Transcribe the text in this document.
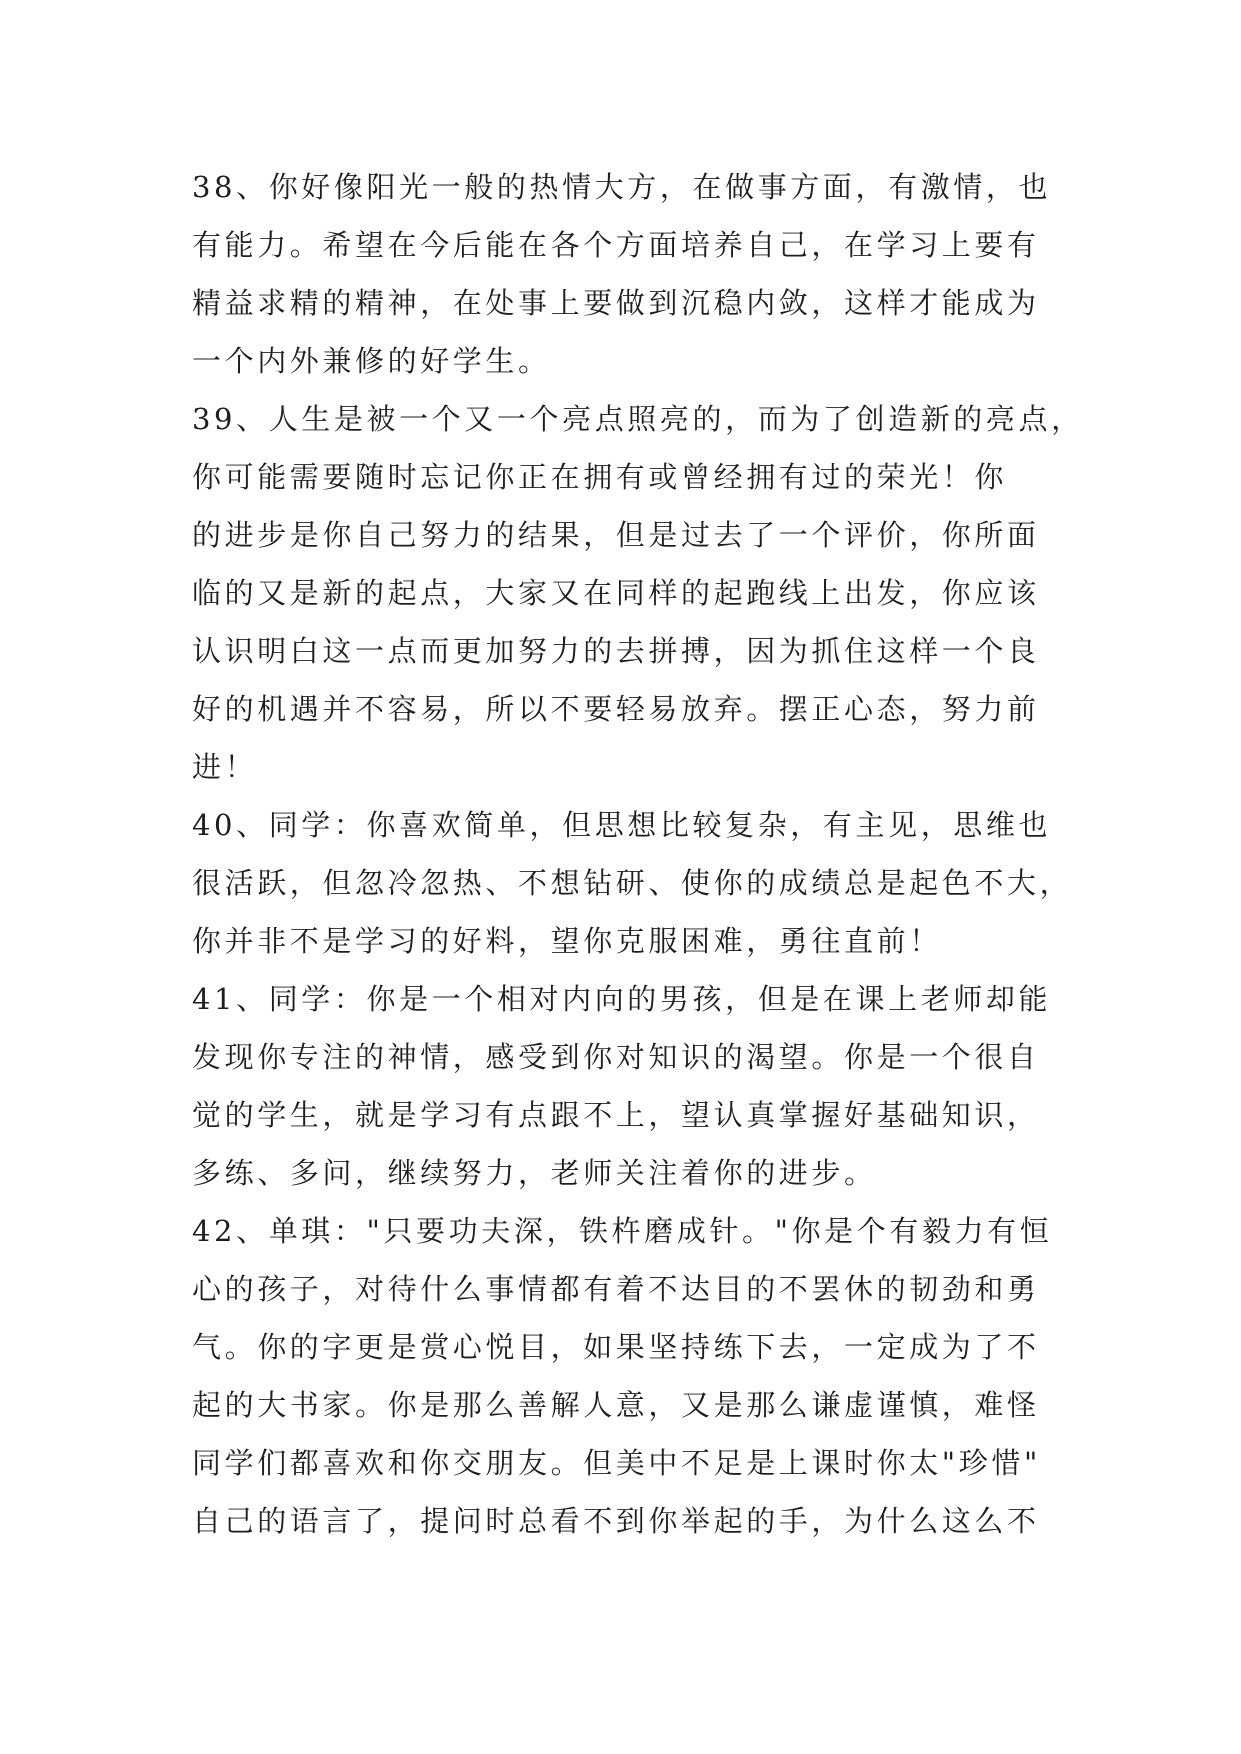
38、你好像阳光一般的热情大方，在做事方面，有激情，也
有能力。希望在今后能在各个方面培养自己，在学习上要有
精益求精的精神，在处事上要做到沉稳内敛，这样才能成为
一个内外兼修的好学生。
39、人生是被一个又一个亮点照亮的，而为了创造新的亮点，
你可能需要随时忘记你正在拥有或曾经拥有过的荣光！你
的进步是你自己努力的结果，但是过去了一个评价，你所面
临的又是新的起点，大家又在同样的起跑线上出发，你应该
认识明白这一点而更加努力的去拼搏，因为抓住这样一个良
好的机遇并不容易，所以不要轻易放弃。摆正心态，努力前
进！
40、同学：你喜欢简单，但思想比较复杂，有主见，思维也
很活跃，但忽冷忽热、不想钻研、使你的成绩总是起色不大，
你并非不是学习的好料，望你克服困难，勇往直前！
41、同学：你是一个相对内向的男孩，但是在课上老师却能
发现你专注的神情，感受到你对知识的渴望。你是一个很自
觉的学生，就是学习有点跟不上，望认真掌握好基础知识，
多练、多问，继续努力，老师关注着你的进步。
42、单琪："只要功夫深，铁杵磨成针。"你是个有毅力有恒
心的孩子，对待什么事情都有着不达目的不罢休的韧劲和勇
气。你的字更是赏心悦目，如果坚持练下去，一定成为了不
起的大书家。你是那么善解人意，又是那么谦虚谨慎，难怪
同学们都喜欢和你交朋友。但美中不足是上课时你太"珍惜"
自己的语言了，提问时总看不到你举起的手，为什么这么不
